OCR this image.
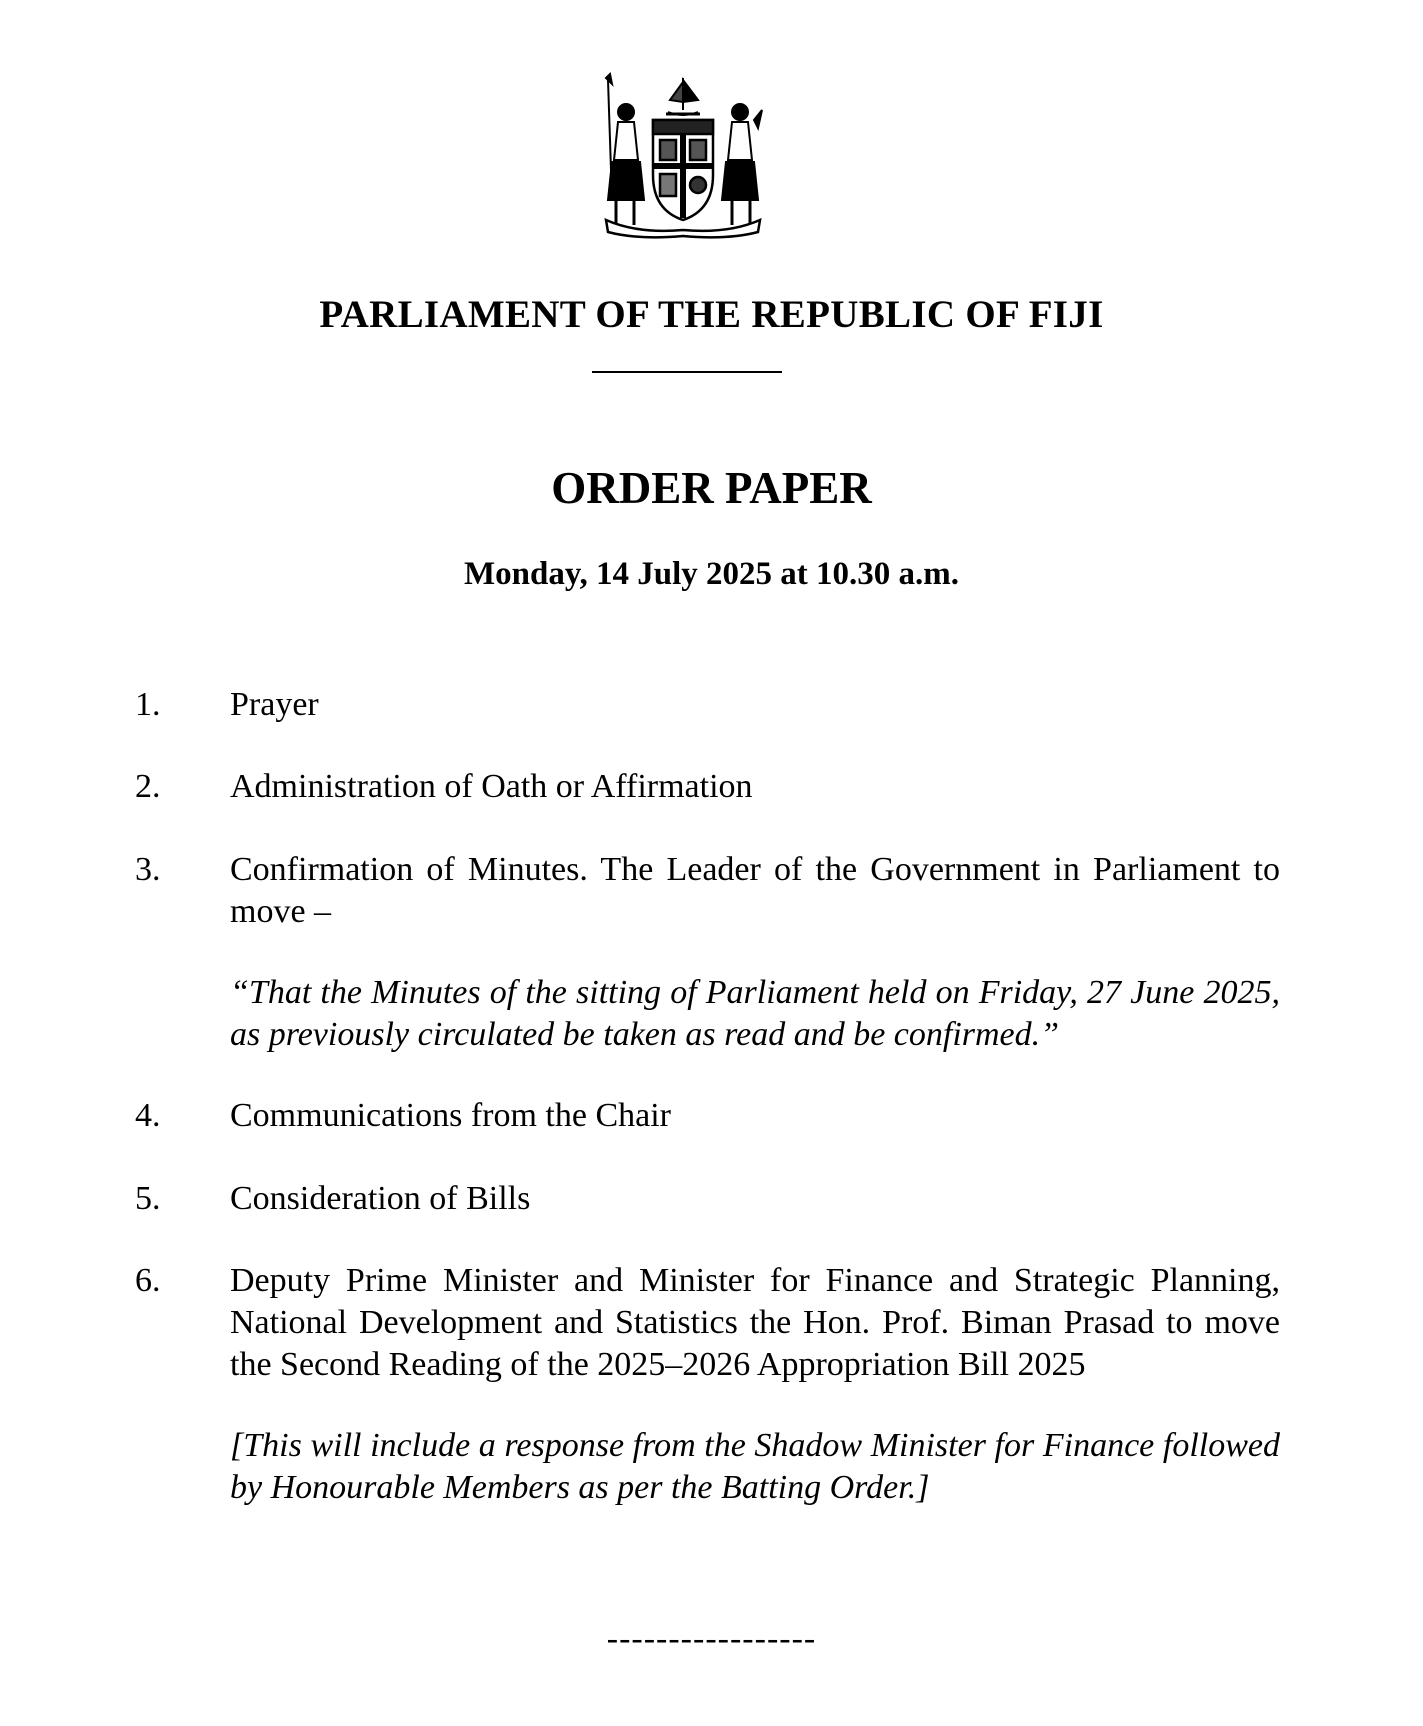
PARLIAMENT OF THE REPUBLIC OF FIJI
ORDER PAPER
Monday, 14 July 2025 at 10.30 a.m.
1. Prayer
2. Administration of Oath or Affirmation
3. Confirmation of Minutes. The Leader of the Government in Parliament to move –
“That the Minutes of the sitting of Parliament held on Friday, 27 June 2025, as previously circulated be taken as read and be confirmed.”
4. Communications from the Chair
5. Consideration of Bills
6. Deputy Prime Minister and Minister for Finance and Strategic Planning, National Development and Statistics the Hon. Prof. Biman Prasad to move the Second Reading of the 2025–2026 Appropriation Bill 2025
[This will include a response from the Shadow Minister for Finance followed by Honourable Members as per the Batting Order.]
-----------------
